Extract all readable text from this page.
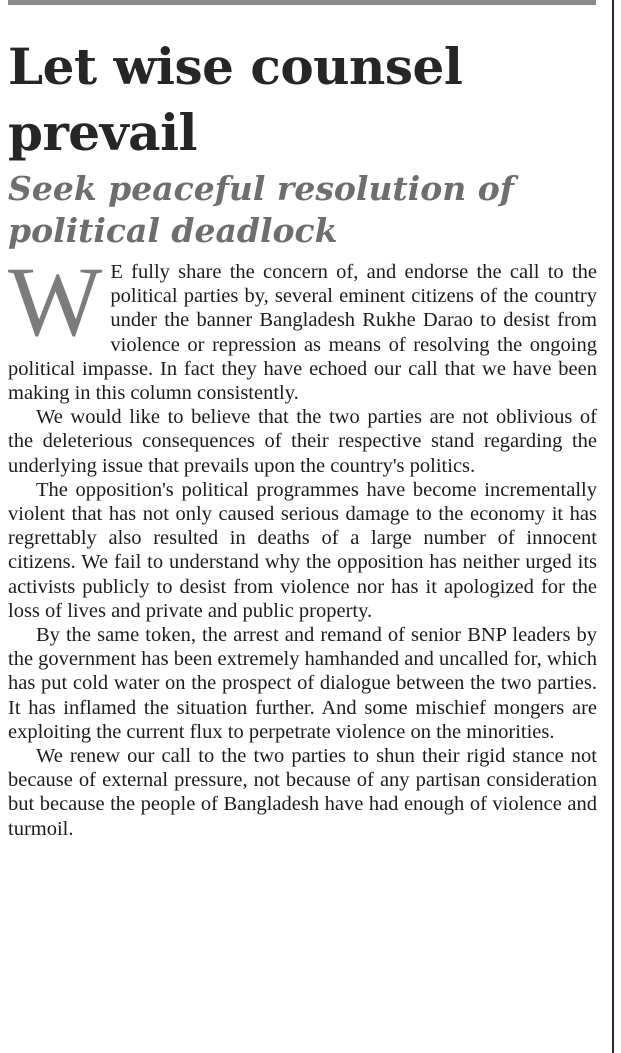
Let wise counsel prevail
Seek peaceful resolution of political deadlock

W E fully share the concern of, and endorse the call to the political parties by, several eminent citizens of the country under the banner Bangladesh Rukhe Darao to desist from violence or repression as means of resolving the ongoing political impasse. In fact they have echoed our call that we have been making in this column consistently.

We would like to believe that the two parties are not oblivious of the deleterious consequences of their respective stand regarding the underlying issue that prevails upon the country's politics.

The opposition's political programmes have become incrementally violent that has not only caused serious damage to the economy it has regrettably also resulted in deaths of a large number of innocent citizens. We fail to understand why the opposition has neither urged its activists publicly to desist from violence nor has it apologized for the loss of lives and private and public property.

By the same token, the arrest and remand of senior BNP leaders by the government has been extremely hamhanded and uncalled for, which has put cold water on the prospect of dialogue between the two parties. It has inflamed the situation further. And some mischief mongers are exploiting the current flux to perpetrate violence on the minorities.

We renew our call to the two parties to shun their rigid stance not because of external pressure, not because of any partisan consideration but because the people of Bangladesh have had enough of violence and turmoil.
